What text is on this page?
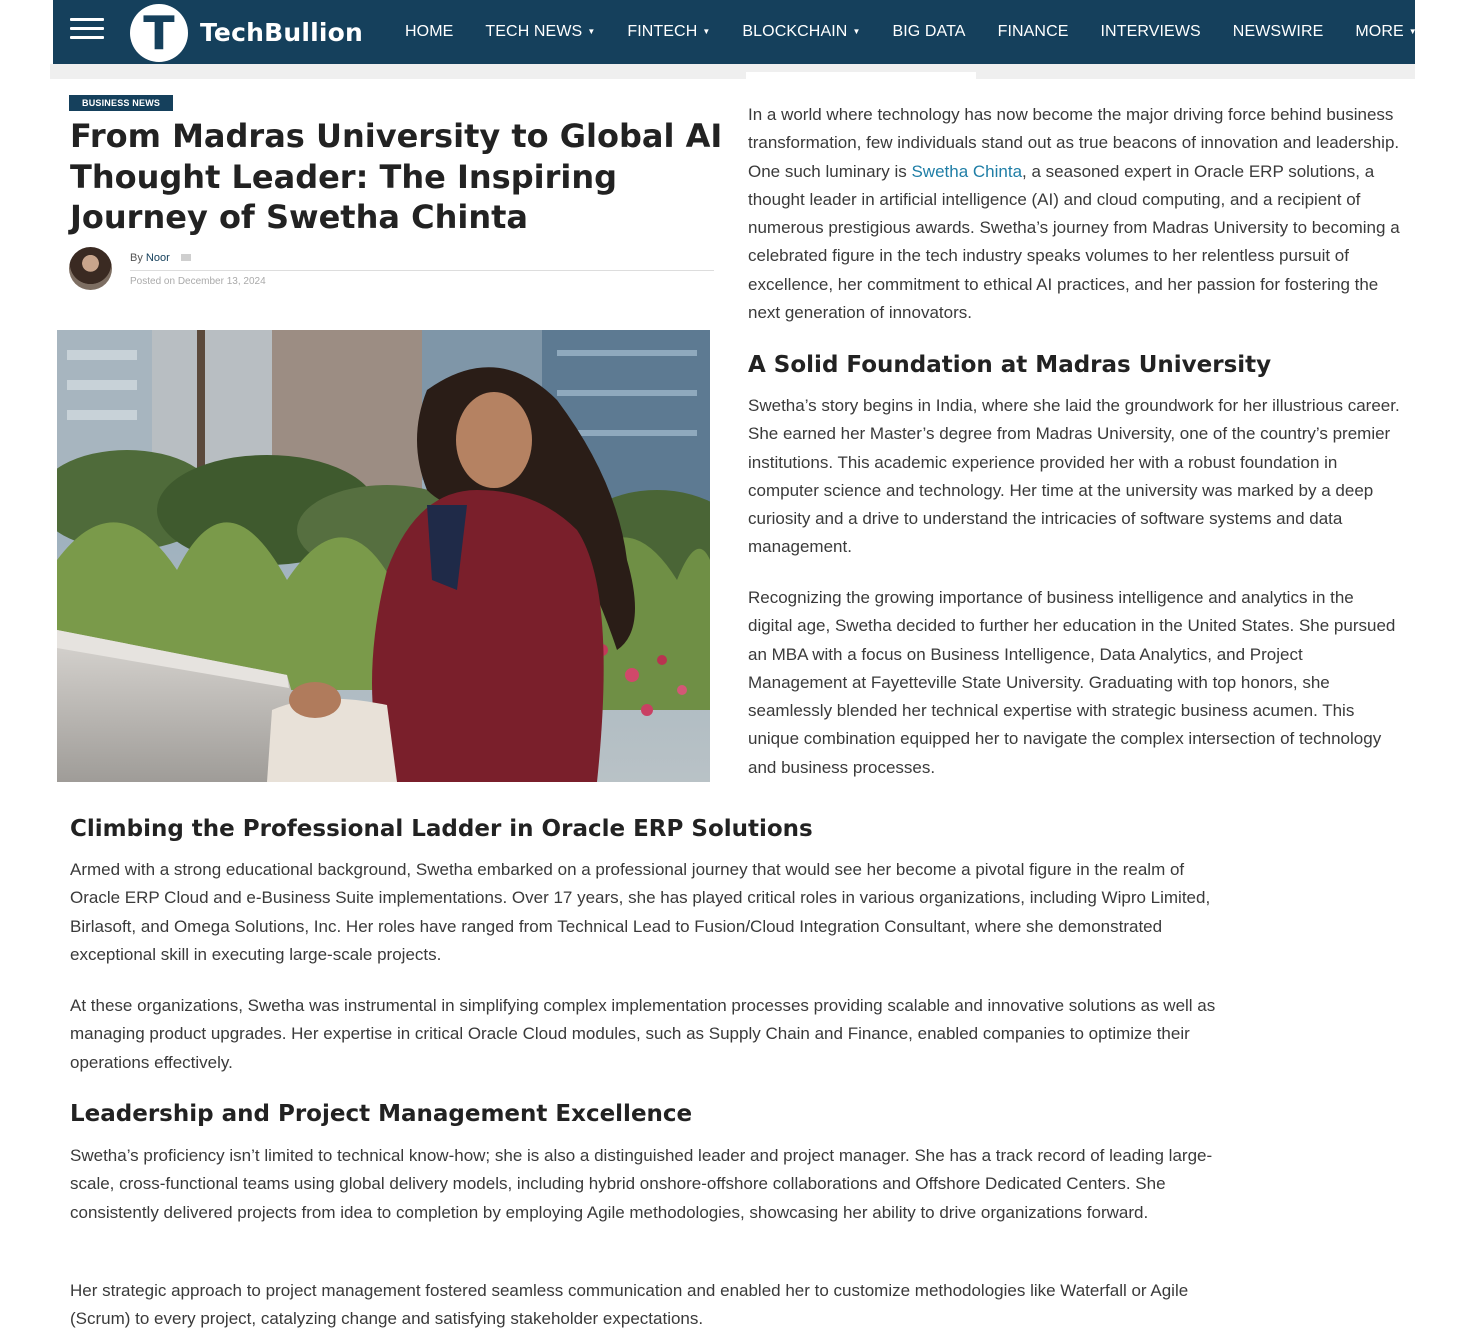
T	TechBullion	HOME TECH NEWS ▼ FINTECH ▼ BLOCKCHAIN ▼ BIG DATA FINANCE INTERVIEWS NEWSWIRE MORE ▼
BUSINESS NEWS
From Madras University to Global AI Thought Leader: The Inspiring Journey of Swetha Chinta
By Noor
Posted on December 13, 2024

In a world where technology has now become the major driving force behind business transformation, few individuals stand out as true beacons of innovation and leadership. One such luminary is Swetha Chinta, a seasoned expert in Oracle ERP solutions, a thought leader in artificial intelligence (AI) and cloud computing, and a recipient of numerous prestigious awards. Swetha’s journey from Madras University to becoming a celebrated figure in the tech industry speaks volumes to her relentless pursuit of excellence, her commitment to ethical AI practices, and her passion for fostering the next generation of innovators.

A Solid Foundation at Madras University

Swetha’s story begins in India, where she laid the groundwork for her illustrious career. She earned her Master’s degree from Madras University, one of the country’s premier institutions. This academic experience provided her with a robust foundation in computer science and technology. Her time at the university was marked by a deep curiosity and a drive to understand the intricacies of software systems and data management.

Recognizing the growing importance of business intelligence and analytics in the digital age, Swetha decided to further her education in the United States. She pursued an MBA with a focus on Business Intelligence, Data Analytics, and Project Management at Fayetteville State University. Graduating with top honors, she seamlessly blended her technical expertise with strategic business acumen. This unique combination equipped her to navigate the complex intersection of technology and business processes.

Climbing the Professional Ladder in Oracle ERP Solutions

Armed with a strong educational background, Swetha embarked on a professional journey that would see her become a pivotal figure in the realm of Oracle ERP Cloud and e-Business Suite implementations. Over 17 years, she has played critical roles in various organizations, including Wipro Limited, Birlasoft, and Omega Solutions, Inc. Her roles have ranged from Technical Lead to Fusion/Cloud Integration Consultant, where she demonstrated exceptional skill in executing large-scale projects.

At these organizations, Swetha was instrumental in simplifying complex implementation processes providing scalable and innovative solutions as well as managing product upgrades. Her expertise in critical Oracle Cloud modules, such as Supply Chain and Finance, enabled companies to optimize their operations effectively.

Leadership and Project Management Excellence

Swetha’s proficiency isn’t limited to technical know-how; she is also a distinguished leader and project manager. She has a track record of leading large-scale, cross-functional teams using global delivery models, including hybrid onshore-offshore collaborations and Offshore Dedicated Centers. She consistently delivered projects from idea to completion by employing Agile methodologies, showcasing her ability to drive organizations forward.

Her strategic approach to project management fostered seamless communication and enabled her to customize methodologies like Waterfall or Agile (Scrum) to every project, catalyzing change and satisfying stakeholder expectations.
